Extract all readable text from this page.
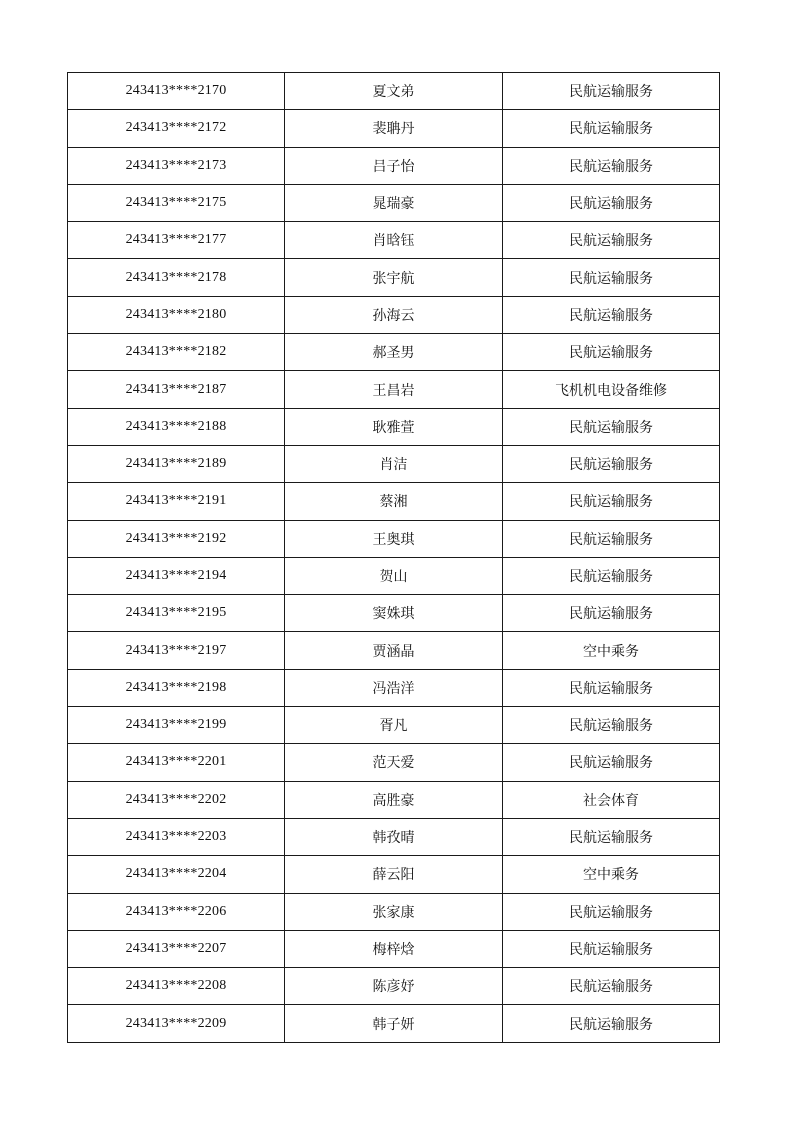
243413****2170	夏文弟	民航运输服务
243413****2172	裴聃丹	民航运输服务
243413****2173	吕子怡	民航运输服务
243413****2175	晁瑞豪	民航运输服务
243413****2177	肖晗钰	民航运输服务
243413****2178	张宇航	民航运输服务
243413****2180	孙海云	民航运输服务
243413****2182	郝圣男	民航运输服务
243413****2187	王昌岩	飞机机电设备维修
243413****2188	耿雅萱	民航运输服务
243413****2189	肖洁	民航运输服务
243413****2191	蔡湘	民航运输服务
243413****2192	王奥琪	民航运输服务
243413****2194	贺山	民航运输服务
243413****2195	窦姝琪	民航运输服务
243413****2197	贾涵晶	空中乘务
243413****2198	冯浩洋	民航运输服务
243413****2199	胥凡	民航运输服务
243413****2201	范天爱	民航运输服务
243413****2202	高胜豪	社会体育
243413****2203	韩孜晴	民航运输服务
243413****2204	薛云阳	空中乘务
243413****2206	张家康	民航运输服务
243413****2207	梅梓焓	民航运输服务
243413****2208	陈彦妤	民航运输服务
243413****2209	韩子妍	民航运输服务
